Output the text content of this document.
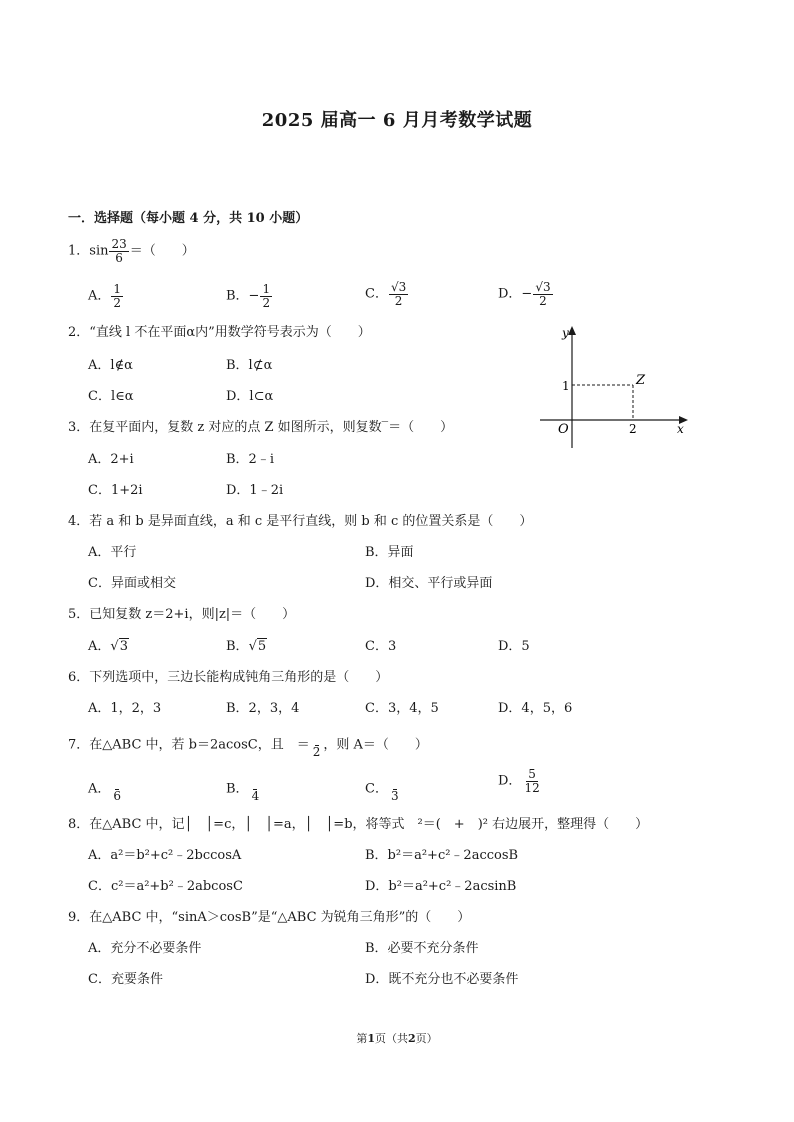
2025 届高一 6 月月考数学试题
一．选择题（每小题 4 分，共 10 小题）
1．$\sin \frac{23}{6}$ ＝（　　）
A． $\frac{1}{2}$	B．− $\frac{1}{2}$	C． $\frac{√3}{2}$	D．− $\frac{√3}{2}$
2．“直线 l 不在平面α内”用数学符号表示为（　　）
A．l∉α	B．l⊄α
C．l∈α	D．l⊂α
y
x
O
1
2
Z
3．在复平面内，复数 z 对应的点 Z 如图所示，则复数‾＝（　　）
A．2+i	B．2﹣i
C．1+2i	D．1﹣2i
4．若 a 和 b 是异面直线，a 和 c 是平行直线，则 b 和 c 的位置关系是（　　）
A．平行	B．异面
C．异面或相交	D．相交、平行或异面
5．已知复数 z＝2+i，则|z|＝（　　）
A．√3	B．√5	C．3	D．5
6．下列选项中，三边长能构成钝角三角形的是（　　）
A．1，2，3	B．2，3，4	C．3，4，5	D．4，5，6
7．在△ABC 中，若 b＝2acosC，且　＝ 2 ，则 A＝（　　）
A． 6	B． 4	C． 3
D． $\frac{5}{12}$
8．在△ABC 中，记│　│=c，│　│=a，│　│=b，将等式　²＝(　+　)² 右边展开，整理得（　　）
A．a²＝b²+c²﹣2bccosA	B．b²＝a²+c²﹣2accosB
C．c²＝a²+b²﹣2abcosC	D．b²＝a²+c²﹣2acsinB
9．在△ABC 中，“sinA＞cosB”是“△ABC 为锐角三角形”的（　　）
A．充分不必要条件	B．必要不充分条件
C．充要条件	D．既不充分也不必要条件
第1页（共2页）
